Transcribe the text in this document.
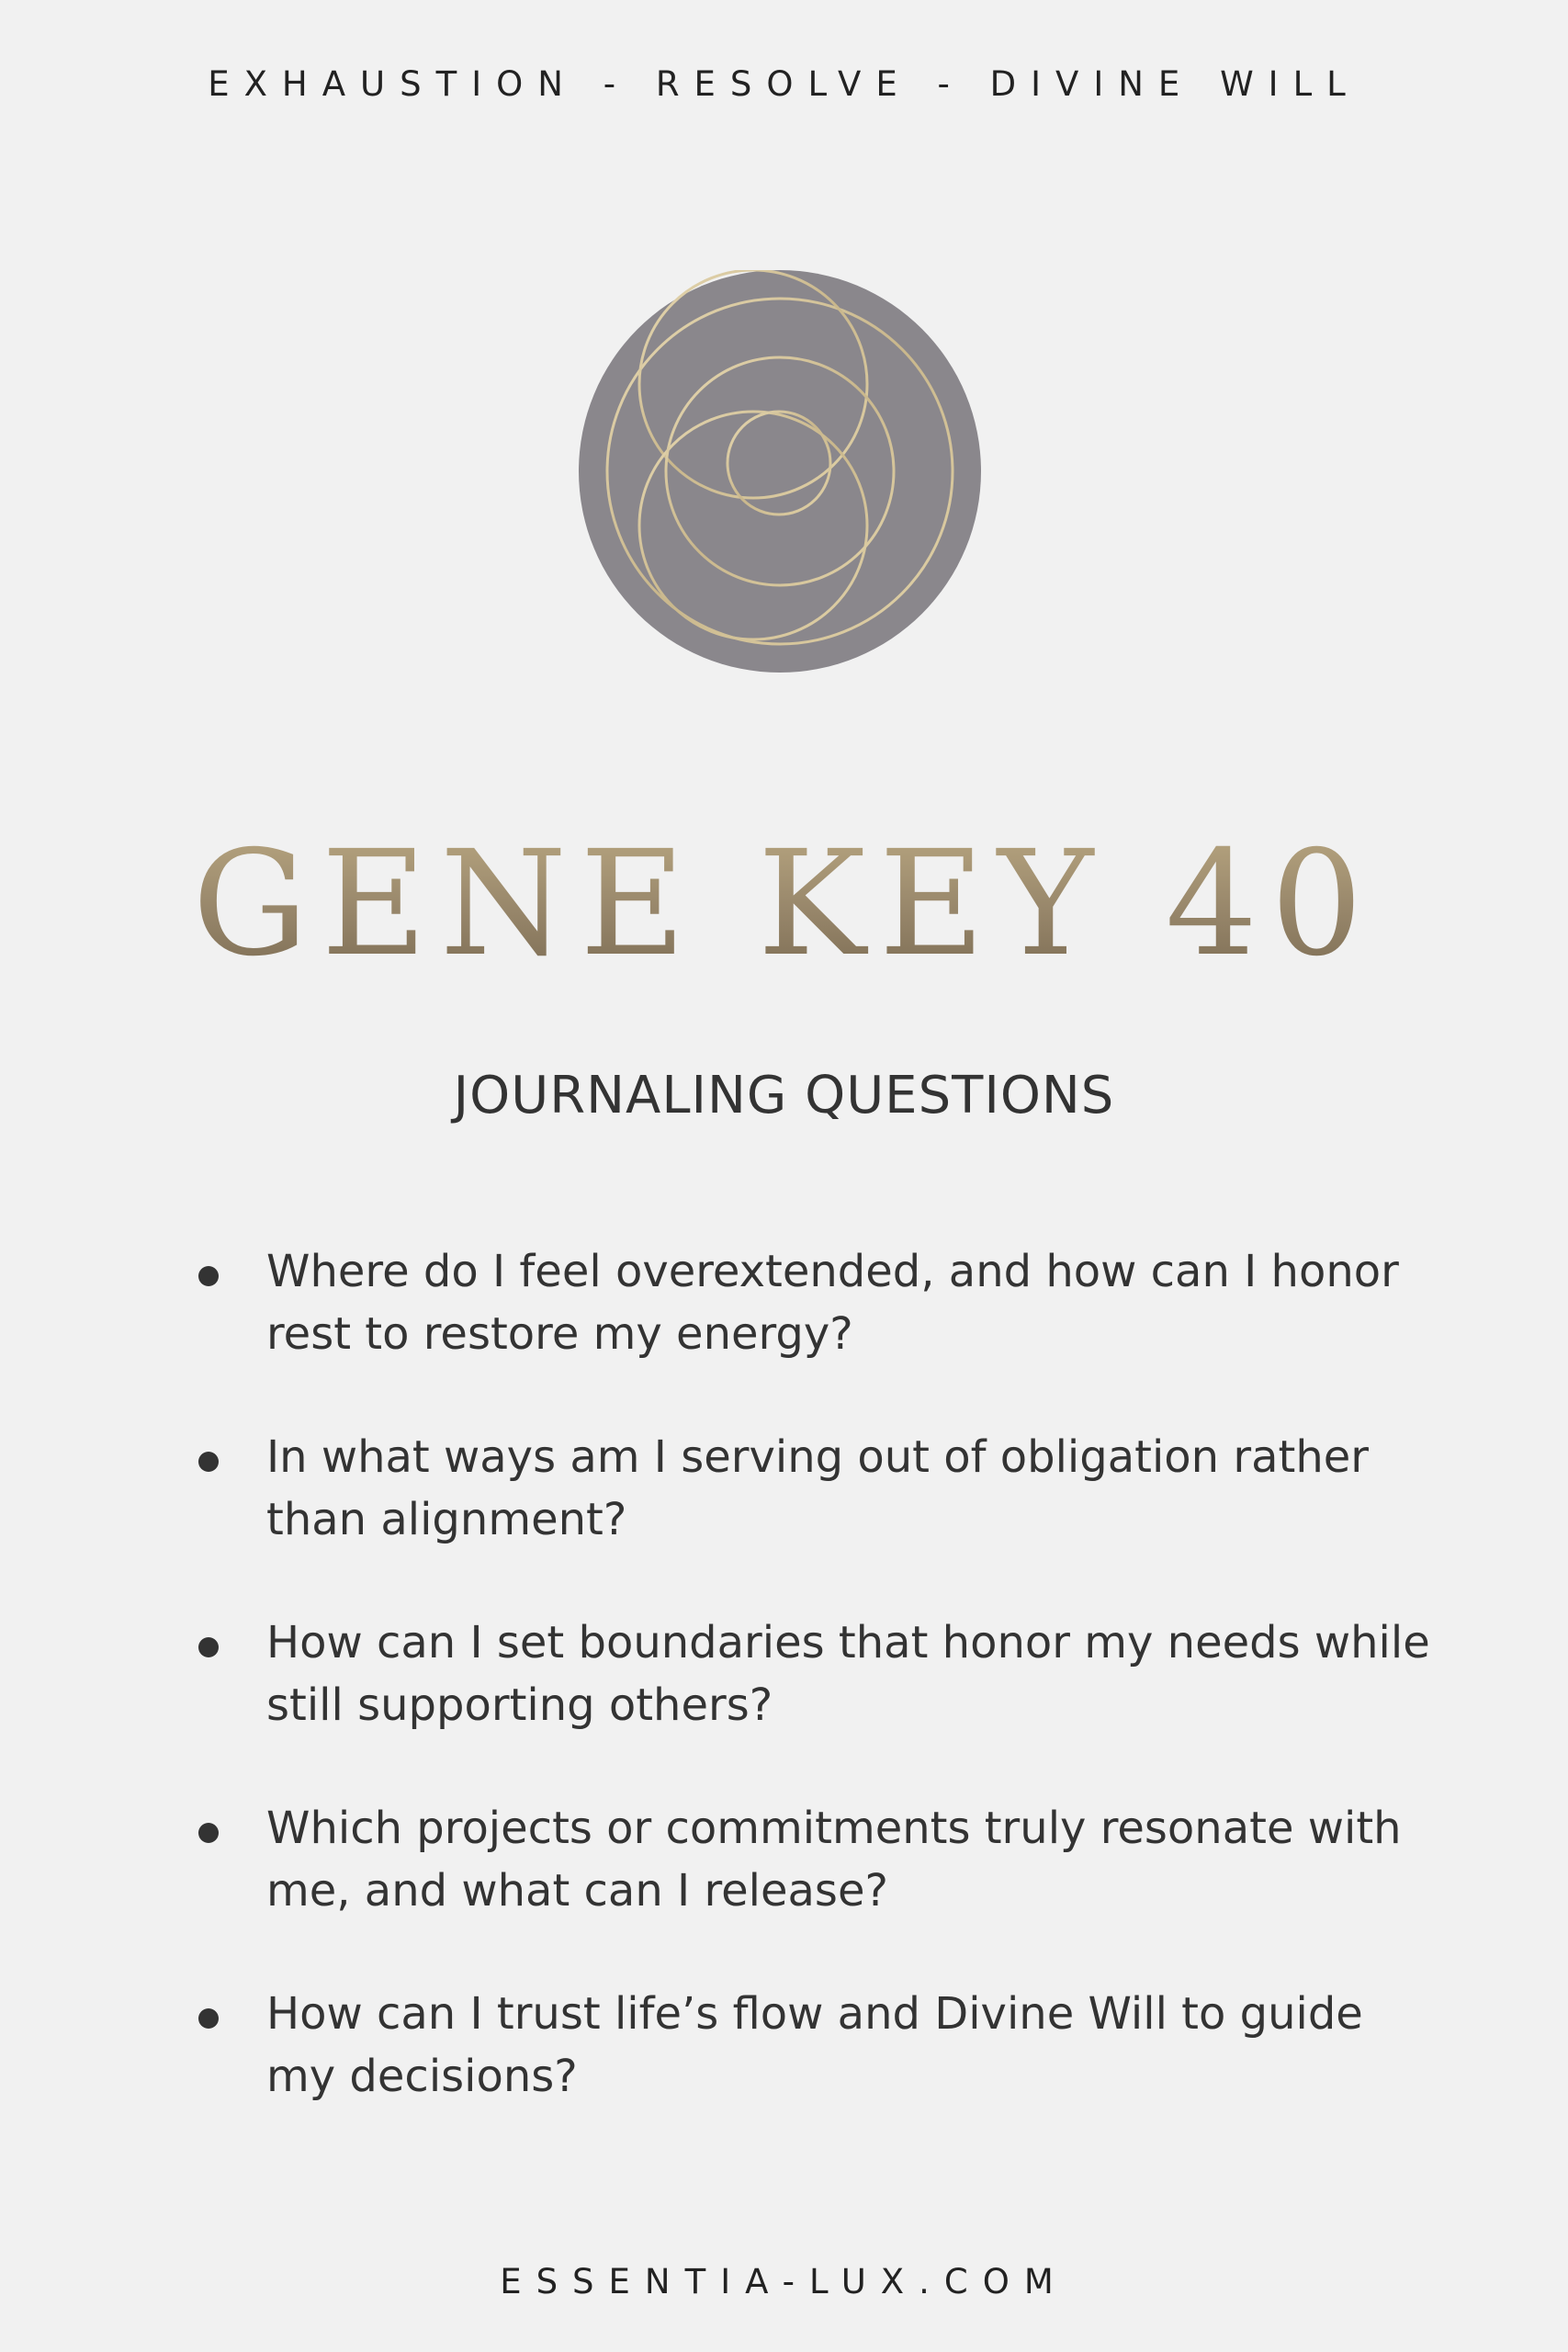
EXHAUSTION - RESOLVE - DIVINE WILL
GENE KEY 40
JOURNALING QUESTIONS
Where do I feel overextended, and how can I honor rest to restore my energy?
In what ways am I serving out of obligation rather than alignment?
How can I set boundaries that honor my needs while still supporting others?
Which projects or commitments truly resonate with me, and what can I release?
How can I trust life’s flow and Divine Will to guide my decisions?
ESSENTIA-LUX.COM
